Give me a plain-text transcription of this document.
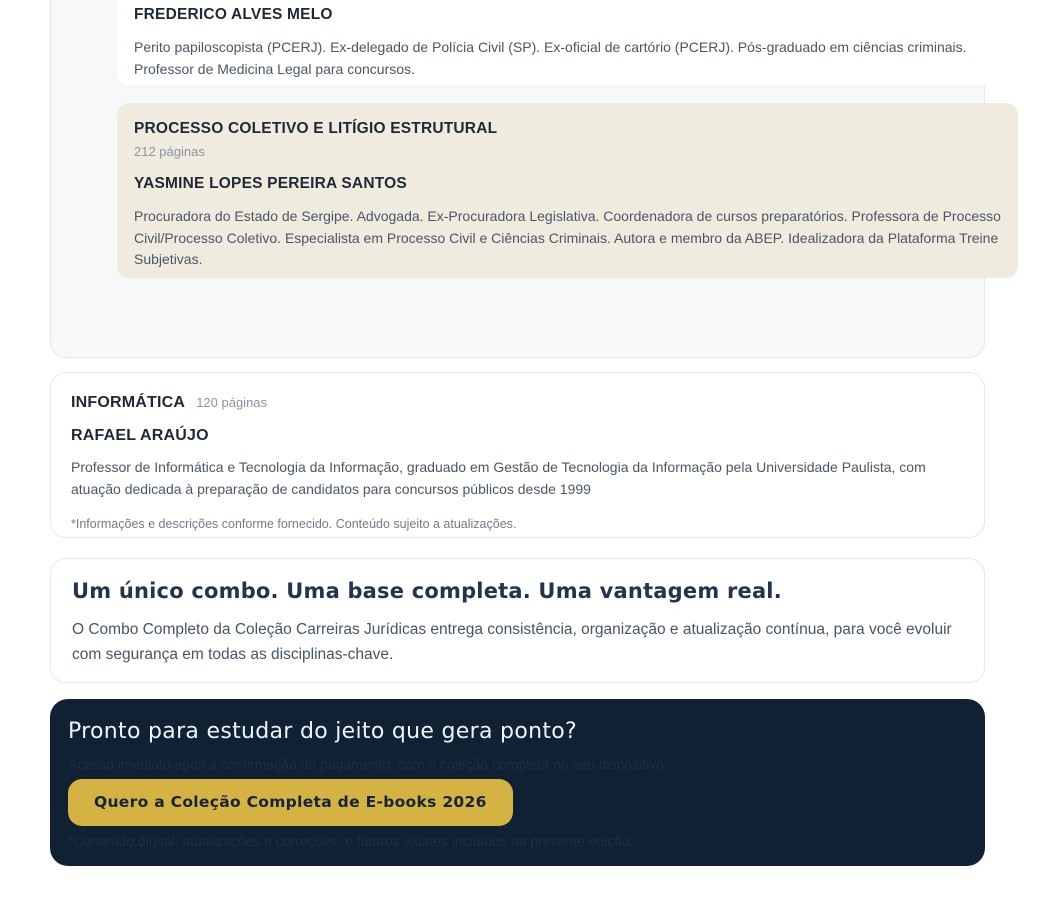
FREDERICO ALVES MELO

Perito papiloscopista (PCERJ). Ex-delegado de Polícia Civil (SP). Ex-oficial de cartório (PCERJ). Pós-graduado em ciências criminais. Professor de Medicina Legal para concursos.

PROCESSO COLETIVO E LITÍGIO ESTRUTURAL

212 páginas

YASMINE LOPES PEREIRA SANTOS

Procuradora do Estado de Sergipe. Advogada. Ex-Procuradora Legislativa. Coordenadora de cursos preparatórios. Professora de Processo Civil/Processo Coletivo. Especialista em Processo Civil e Ciências Criminais. Autora e membro da ABEP. Idealizadora da Plataforma Treine Subjetivas.

INFORMÁTICA 120 páginas
RAFAEL ARAÚJO

Professor de Informática e Tecnologia da Informação, graduado em Gestão de Tecnologia da Informação pela Universidade Paulista, com atuação dedicada à preparação de candidatos para concursos públicos desde 1999

*Informações e descrições conforme fornecido. Conteúdo sujeito a atualizações.

Um único combo. Uma base completa. Uma vantagem real.

O Combo Completo da Coleção Carreiras Jurídicas entrega consistência, organização e atualização contínua, para você evoluir com segurança em todas as disciplinas-chave.

Pronto para estudar do jeito que gera ponto?

Acesso imediato após a confirmação do pagamento, com a coleção completa no seu dispositivo.

Quero a Coleção Completa de E-books 2026

*Conteúdo digital: atualizações e correções, e futuros ajustes incluídos na presente edição.
